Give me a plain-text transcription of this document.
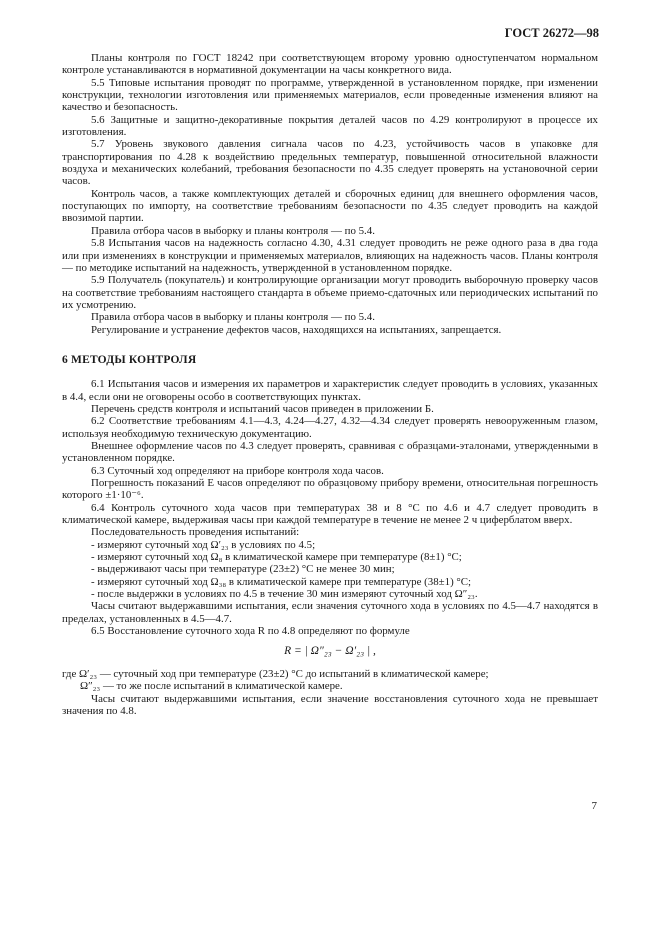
ГОСТ 26272—98

Планы контроля по ГОСТ 18242 при соответствующем второму уровню одноступенчатом нормальном контроле устанавливаются в нормативной документации на часы конкретного вида.

5.5 Типовые испытания проводят по программе, утвержденной в установленном порядке, при изменении конструкции, технологии изготовления или применяемых материалов, если проведенные изменения влияют на качество и безопасность.

5.6 Защитные и защитно-декоративные покрытия деталей часов по 4.29 контролируют в процессе их изготовления.

5.7 Уровень звукового давления сигнала часов по 4.23, устойчивость часов в упаковке для транспортирования по 4.28 к воздействию предельных температур, повышенной относительной влажности воздуха и механических колебаний, требования безопасности по 4.35 следует проверять на установочной серии часов.

Контроль часов, а также комплектующих деталей и сборочных единиц для внешнего оформления часов, поступающих по импорту, на соответствие требованиям безопасности по 4.35 следует проводить на каждой ввозимой партии.

Правила отбора часов в выборку и планы контроля — по 5.4.

5.8 Испытания часов на надежность согласно 4.30, 4.31 следует проводить не реже одного раза в два года или при изменениях в конструкции и применяемых материалов, влияющих на надежность часов. Планы контроля — по методике испытаний на надежность, утвержденной в установленном порядке.

5.9 Получатель (покупатель) и контролирующие организации могут проводить выборочную проверку часов на соответствие требованиям настоящего стандарта в объеме приемо-сдаточных или периодических испытаний по их усмотрению.

Правила отбора часов в выборку и планы контроля — по 5.4.

Регулирование и устранение дефектов часов, находящихся на испытаниях, запрещается.

6 МЕТОДЫ КОНТРОЛЯ

6.1 Испытания часов и измерения их параметров и характеристик следует проводить в условиях, указанных в 4.4, если они не оговорены особо в соответствующих пунктах.

Перечень средств контроля и испытаний часов приведен в приложении Б.

6.2 Соответствие требованиям 4.1—4.3, 4.24—4.27, 4.32—4.34 следует проверять невооруженным глазом, используя необходимую техническую документацию.

Внешнее оформление часов по 4.3 следует проверять, сравнивая с образцами-эталонами, утвержденными в установленном порядке.

6.3 Суточный ход определяют на приборе контроля хода часов.

Погрешность показаний E часов определяют по образцовому прибору времени, относительная погрешность которого ±1·10⁻⁶.

6.4 Контроль суточного хода часов при температурах 38 и 8 °С по 4.6 и 4.7 следует проводить в климатической камере, выдерживая часы при каждой температуре в течение не менее 2 ч циферблатом вверх.

Последовательность проведения испытаний:

- измеряют суточный ход Ω′₂₃ в условиях по 4.5;
- измеряют суточный ход Ω₈ в климатической камере при температуре (8±1) °С;
- выдерживают часы при температуре (23±2) °С не менее 30 мин;
- измеряют суточный ход Ω₃₈ в климатической камере при температуре (38±1) °С;
- после выдержки в условиях по 4.5 в течение 30 мин измеряют суточный ход Ω″₂₃.

Часы считают выдержавшими испытания, если значения суточного хода в условиях по 4.5—4.7 находятся в пределах, установленных в 4.5—4.7.

6.5 Восстановление суточного хода R по 4.8 определяют по формуле

R = | Ω″₂₃ − Ω′₂₃ | ,

где Ω′₂₃ — суточный ход при температуре (23±2) °С до испытаний в климатической камере;

Ω″₂₃ — то же после испытаний в климатической камере.

Часы считают выдержавшими испытания, если значение восстановления суточного хода не превышает значения по 4.8.

7
